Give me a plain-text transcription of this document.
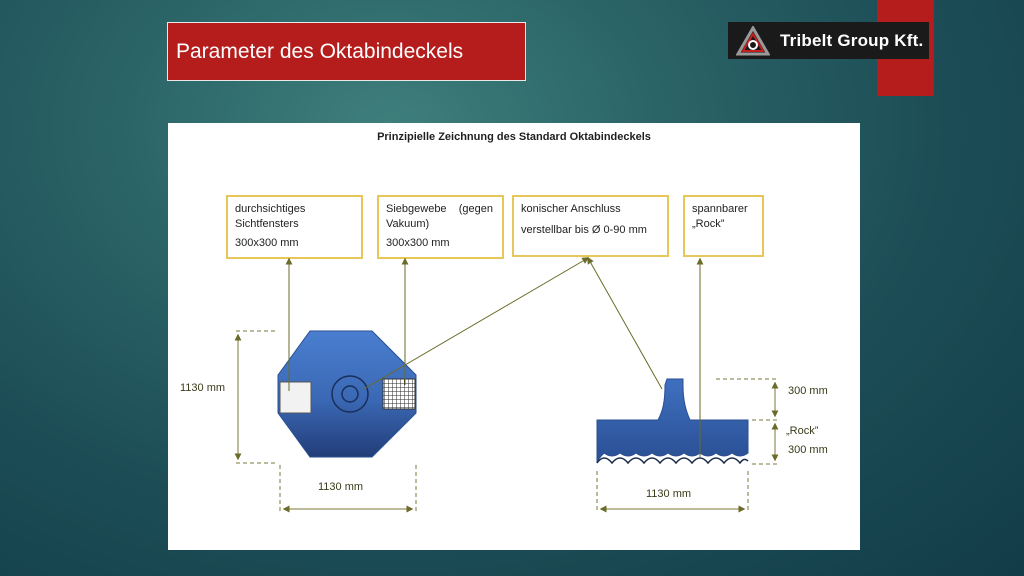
Parameter des Oktabindeckels	Tribelt Group Kft.
Prinzipielle Zeichnung des Standard Oktabindeckels
durchsichtiges
Sichtfensters
300x300 mm
Siebgewebe    (gegen
Vakuum)
300x300 mm
konischer Anschluss
verstellbar bis Ø 0-90 mm
spannbarer
„Rock”
1130 mm
1130 mm
1130 mm
300 mm
„Rock”
300 mm
